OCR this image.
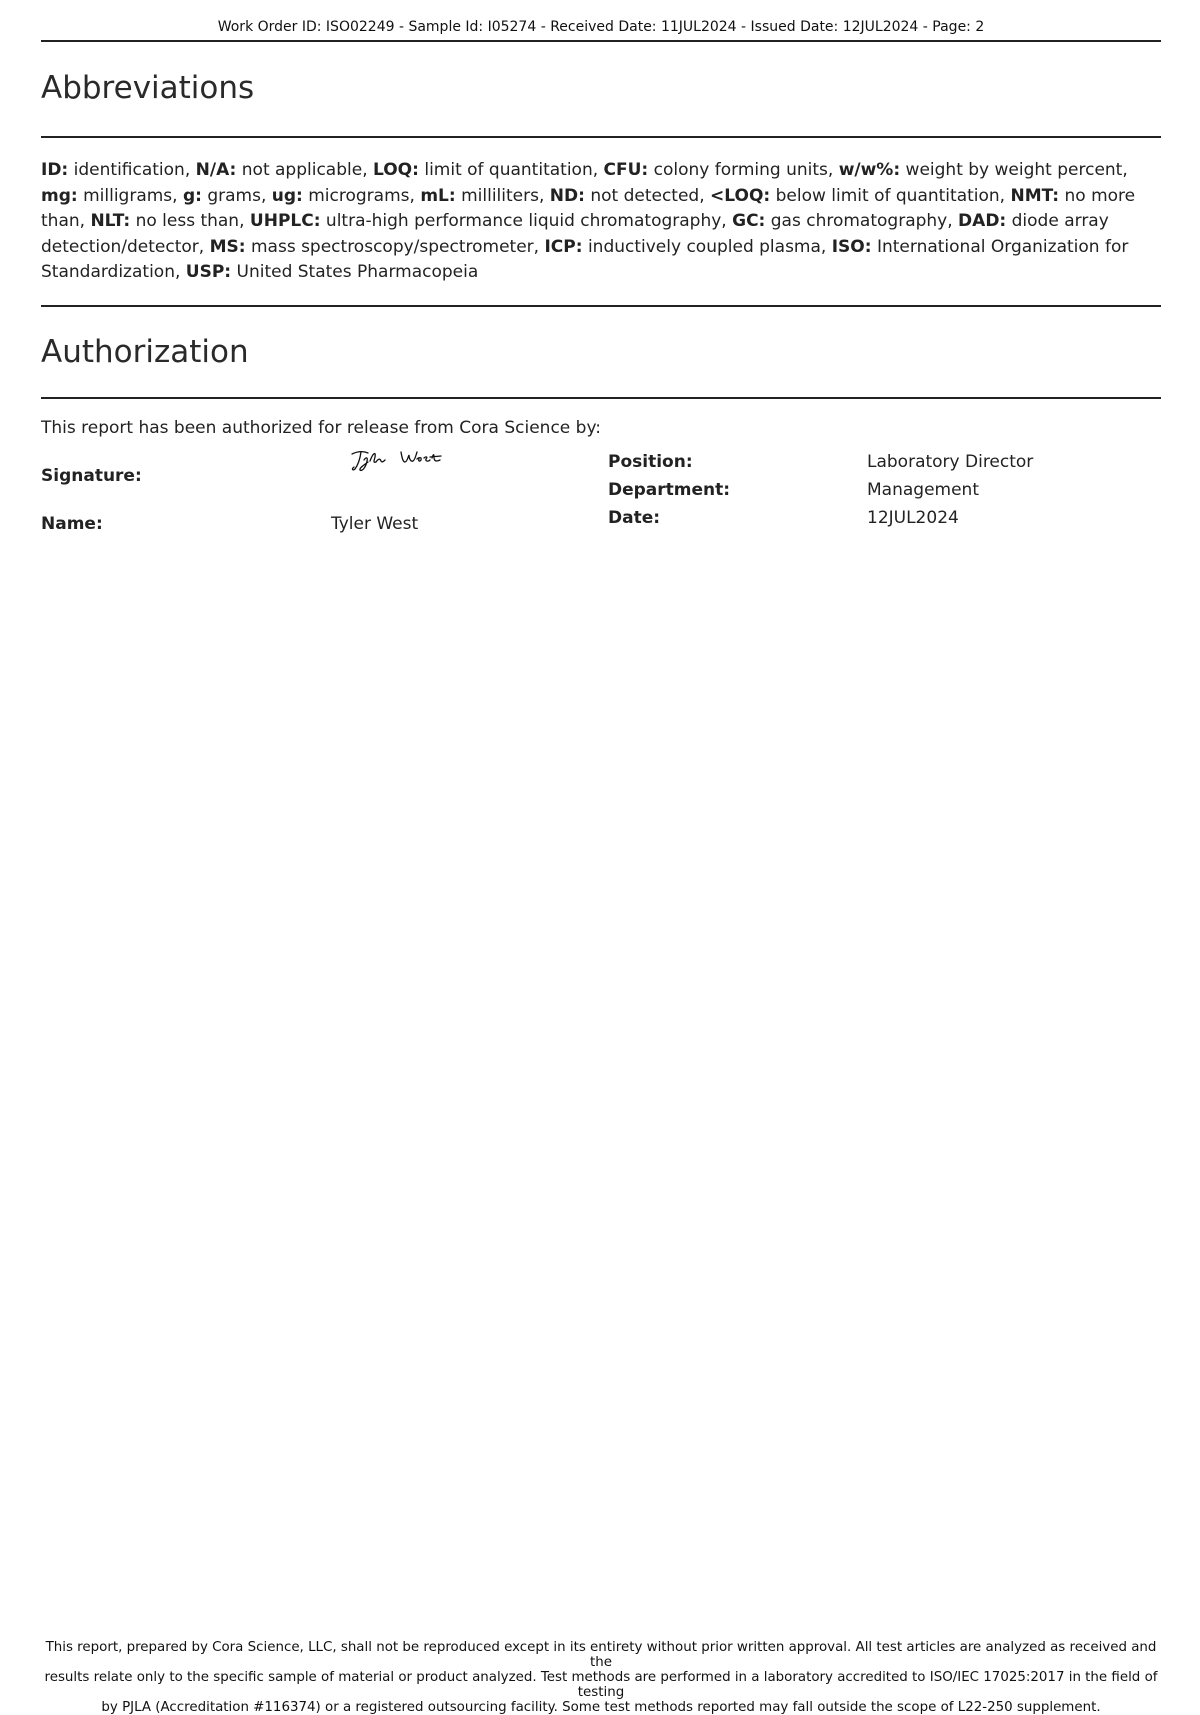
Work Order ID: ISO02249 - Sample Id: I05274 - Received Date: 11JUL2024 - Issued Date: 12JUL2024 - Page: 2
Abbreviations

ID: identification, N/A: not applicable, LOQ: limit of quantitation, CFU: colony forming units, w/w%: weight by weight percent, mg: milligrams, g: grams, ug: micrograms, mL: milliliters, ND: not detected, <LOQ: below limit of quantitation, NMT: no more than, NLT: no less than, UHPLC: ultra-high performance liquid chromatography, GC: gas chromatography, DAD: diode array detection/detector, MS: mass spectroscopy/spectrometer, ICP: inductively coupled plasma, ISO: International Organization for Standardization, USP: United States Pharmacopeia

Authorization

This report has been authorized for release from Cora Science by:

Signature:
Name:	Tyler West
Position:	Laboratory Director
Department:	Management
Date:	12JUL2024
This report, prepared by Cora Science, LLC, shall not be reproduced except in its entirety without prior written approval. All test articles are analyzed as received and the
results relate only to the specific sample of material or product analyzed. Test methods are performed in a laboratory accredited to ISO/IEC 17025:2017 in the field of testing
by PJLA (Accreditation #116374) or a registered outsourcing facility. Some test methods reported may fall outside the scope of L22-250 supplement.
